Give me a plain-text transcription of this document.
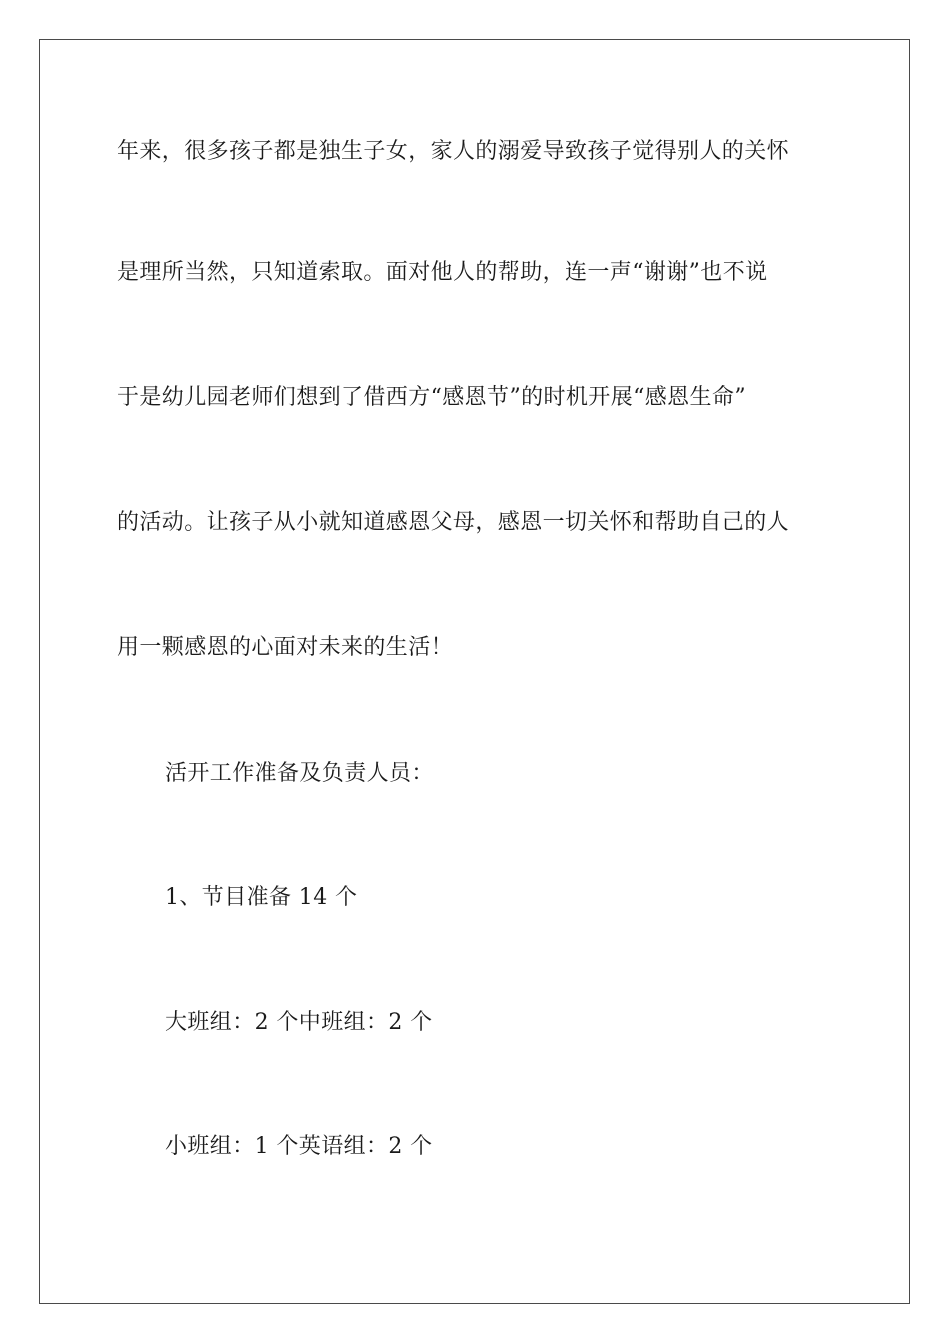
年来，很多孩子都是独生子女，家人的溺爱导致孩子觉得别人的关怀
是理所当然，只知道索取。面对他人的帮助，连一声“谢谢”也不说
于是幼儿园老师们想到了借西方“感恩节”的时机开展“感恩生命”
的活动。让孩子从小就知道感恩父母，感恩一切关怀和帮助自己的人
用一颗感恩的心面对未来的生活！
活开工作准备及负责人员：
1、节目准备 14 个
大班组：2 个中班组：2 个
小班组：1 个英语组：2 个
